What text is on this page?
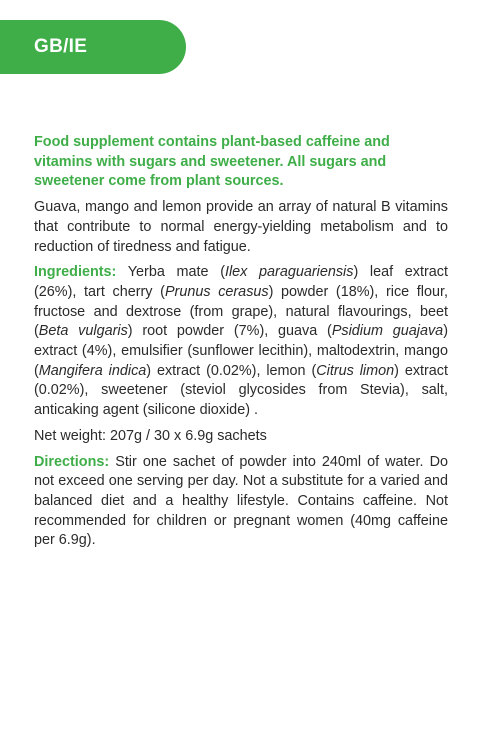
GB/IE

Food supplement contains plant-based caffeine and vitamins with sugars and sweetener. All sugars and sweetener come from plant sources.

Guava, mango and lemon provide an array of natural B vitamins that contribute to normal energy-yielding metabolism and to reduction of tiredness and fatigue.

Ingredients: Yerba mate (Ilex paraguariensis) leaf extract (26%), tart cherry (Prunus cerasus) powder (18%), rice flour, fructose and dextrose (from grape), natural flavourings, beet (Beta vulgaris) root powder (7%), guava (Psidium guajava) extract (4%), emulsifier (sunflower lecithin), maltodextrin, mango (Mangifera indica) extract (0.02%), lemon (Citrus limon) extract (0.02%), sweetener (steviol glycosides from Stevia), salt, anticaking agent (silicone dioxide) .

Net weight: 207g / 30 x 6.9g sachets

Directions: Stir one sachet of powder into 240ml of water. Do not exceed one serving per day. Not a substitute for a varied and balanced diet and a healthy lifestyle. Contains caffeine. Not recommended for children or pregnant women (40mg caffeine per 6.9g).
